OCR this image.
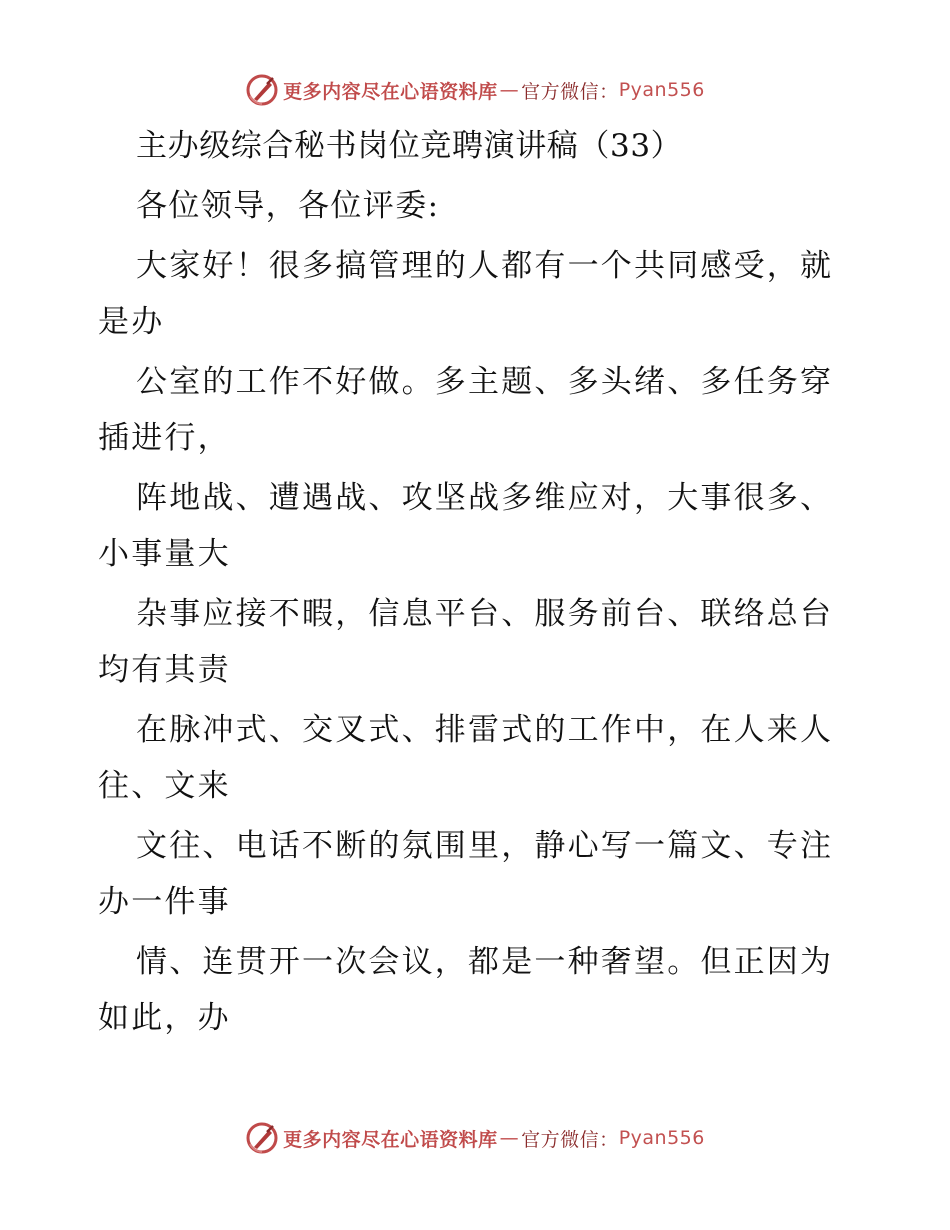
更多内容尽在心语资料库 — 官方微信： Pyan556
主办级综合秘书岗位竞聘演讲稿（33）
各位领导，各位评委:
大家好！很多搞管理的人都有一个共同感受，就
是办
公室的工作不好做。多主题、多头绪、多任务穿
插进行，
阵地战、遭遇战、攻坚战多维应对，大事很多、
小事量大
杂事应接不暇，信息平台、服务前台、联络总台
均有其责
在脉冲式、交叉式、排雷式的工作中，在人来人
往、文来
文往、电话不断的氛围里，静心写一篇文、专注
办一件事
情、连贯开一次会议，都是一种奢望。但正因为
如此，办
更多内容尽在心语资料库 — 官方微信： Pyan556
